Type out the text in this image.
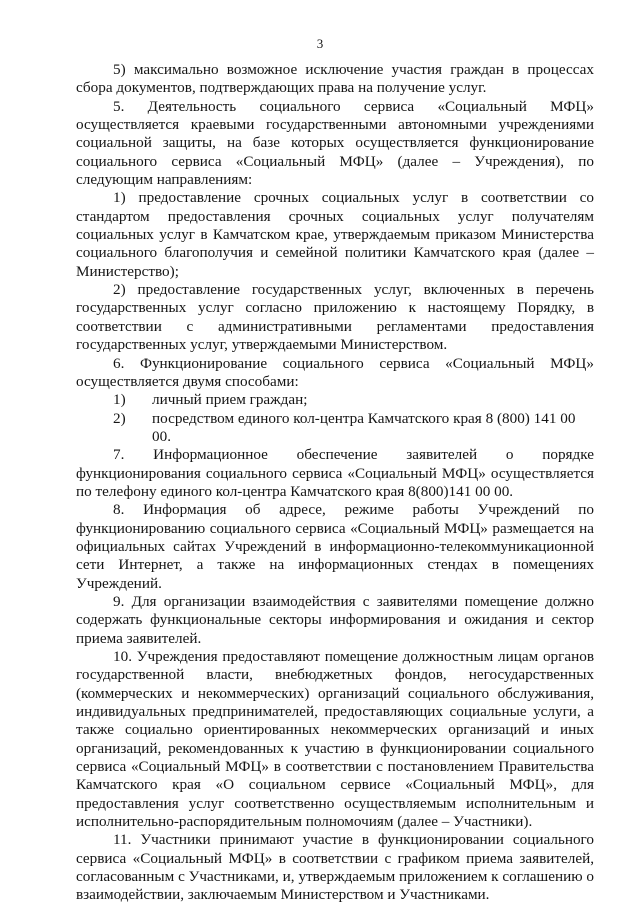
3

5) максимально возможное исключение участия граждан в процессах сбора документов, подтверждающих права на получение услуг.

5. Деятельность социального сервиса «Социальный МФЦ» осуществляется краевыми государственными автономными учреждениями социальной защиты, на базе которых осуществляется функционирование социального сервиса «Социальный МФЦ» (далее – Учреждения), по следующим направлениям:

1) предоставление срочных социальных услуг в соответствии со стандартом предоставления срочных социальных услуг получателям социальных услуг в Камчатском крае, утверждаемым приказом Министерства социального благополучия и семейной политики Камчатского края (далее – Министерство);

2) предоставление государственных услуг, включенных в перечень государственных услуг согласно приложению к настоящему Порядку, в соответствии с административными регламентами предоставления государственных услуг, утверждаемыми Министерством.

6. Функционирование социального сервиса «Социальный МФЦ» осуществляется двумя способами:

1)	личный прием граждан;
2)	посредством единого кол-центра Камчатского края 8 (800) 141 00 00.

7. Информационное обеспечение заявителей о порядке функционирования социального сервиса «Социальный МФЦ» осуществляется по телефону единого кол-центра Камчатского края 8(800)141 00 00.

8. Информация об адресе, режиме работы Учреждений по функционированию социального сервиса «Социальный МФЦ» размещается на официальных сайтах Учреждений в информационно-телекоммуникационной сети Интернет, а также на информационных стендах в помещениях Учреждений.

9. Для организации взаимодействия с заявителями помещение должно содержать функциональные секторы информирования и ожидания и сектор приема заявителей.

10. Учреждения предоставляют помещение должностным лицам органов государственной власти, внебюджетных фондов, негосударственных (коммерческих и некоммерческих) организаций социального обслуживания, индивидуальных предпринимателей, предоставляющих социальные услуги, а также социально ориентированных некоммерческих организаций и иных организаций, рекомендованных к участию в функционировании социального сервиса «Социальный МФЦ» в соответствии с постановлением Правительства Камчатского края «О социальном сервисе «Социальный МФЦ», для предоставления услуг соответственно осуществляемым исполнительным и исполнительно-распорядительным полномочиям (далее – Участники).

11. Участники принимают участие в функционировании социального сервиса «Социальный МФЦ» в соответствии с графиком приема заявителей, согласованным с Участниками, и, утверждаемым приложением к соглашению о взаимодействии, заключаемым Министерством и Участниками.
